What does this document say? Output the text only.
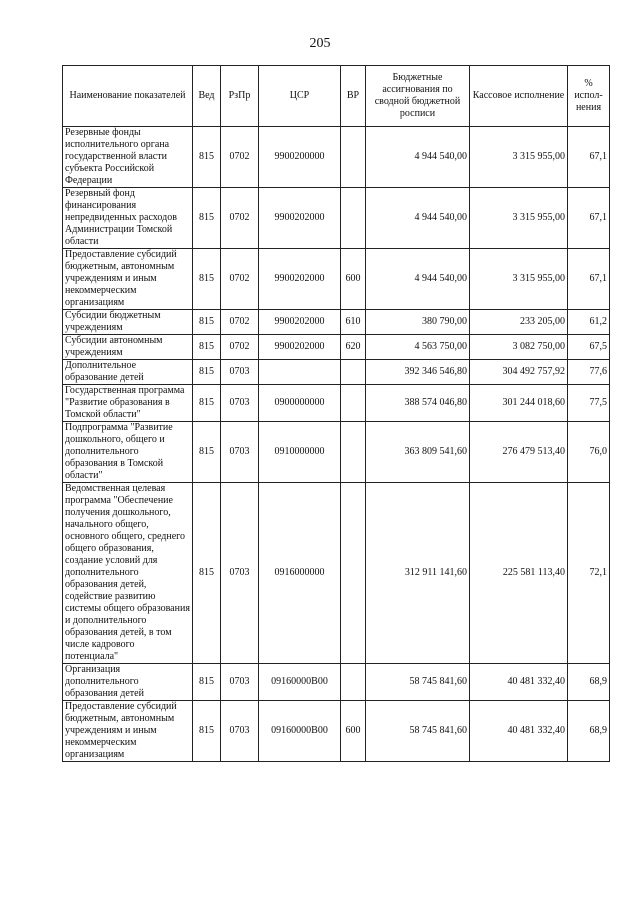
205
Наименование показателей	Вед	РзПр	ЦСР	ВР	Бюджетные ассигнования по сводной бюджетной росписи	Кассовое исполнение	% испол-нения
Резервные фонды исполнительного органа государственной власти субъекта Российской Федерации	815	0702	9900200000		4 944 540,00	3 315 955,00	67,1
Резервный фонд финансирования непредвиденных расходов Администрации Томской области	815	0702	9900202000		4 944 540,00	3 315 955,00	67,1
Предоставление субсидий бюджетным, автономным учреждениям и иным некоммерческим организациям	815	0702	9900202000	600	4 944 540,00	3 315 955,00	67,1
Субсидии бюджетным учреждениям	815	0702	9900202000	610	380 790,00	233 205,00	61,2
Субсидии автономным учреждениям	815	0702	9900202000	620	4 563 750,00	3 082 750,00	67,5
Дополнительное образование детей	815	0703			392 346 546,80	304 492 757,92	77,6
Государственная программа "Развитие образования в Томской области"	815	0703	0900000000		388 574 046,80	301 244 018,60	77,5
Подпрограмма "Развитие дошкольного, общего и дополнительного образования в Томской области"	815	0703	0910000000		363 809 541,60	276 479 513,40	76,0
Ведомственная целевая программа "Обеспечение получения дошкольного, начального общего, основного общего, среднего общего образования, создание условий для дополнительного образования детей, содействие развитию системы общего образования и дополнительного образования детей, в том числе кадрового потенциала"	815	0703	0916000000		312 911 141,60	225 581 113,40	72,1
Организация дополнительного образования детей	815	0703	09160000В00		58 745 841,60	40 481 332,40	68,9
Предоставление субсидий бюджетным, автономным учреждениям и иным некоммерческим организациям	815	0703	09160000В00	600	58 745 841,60	40 481 332,40	68,9
